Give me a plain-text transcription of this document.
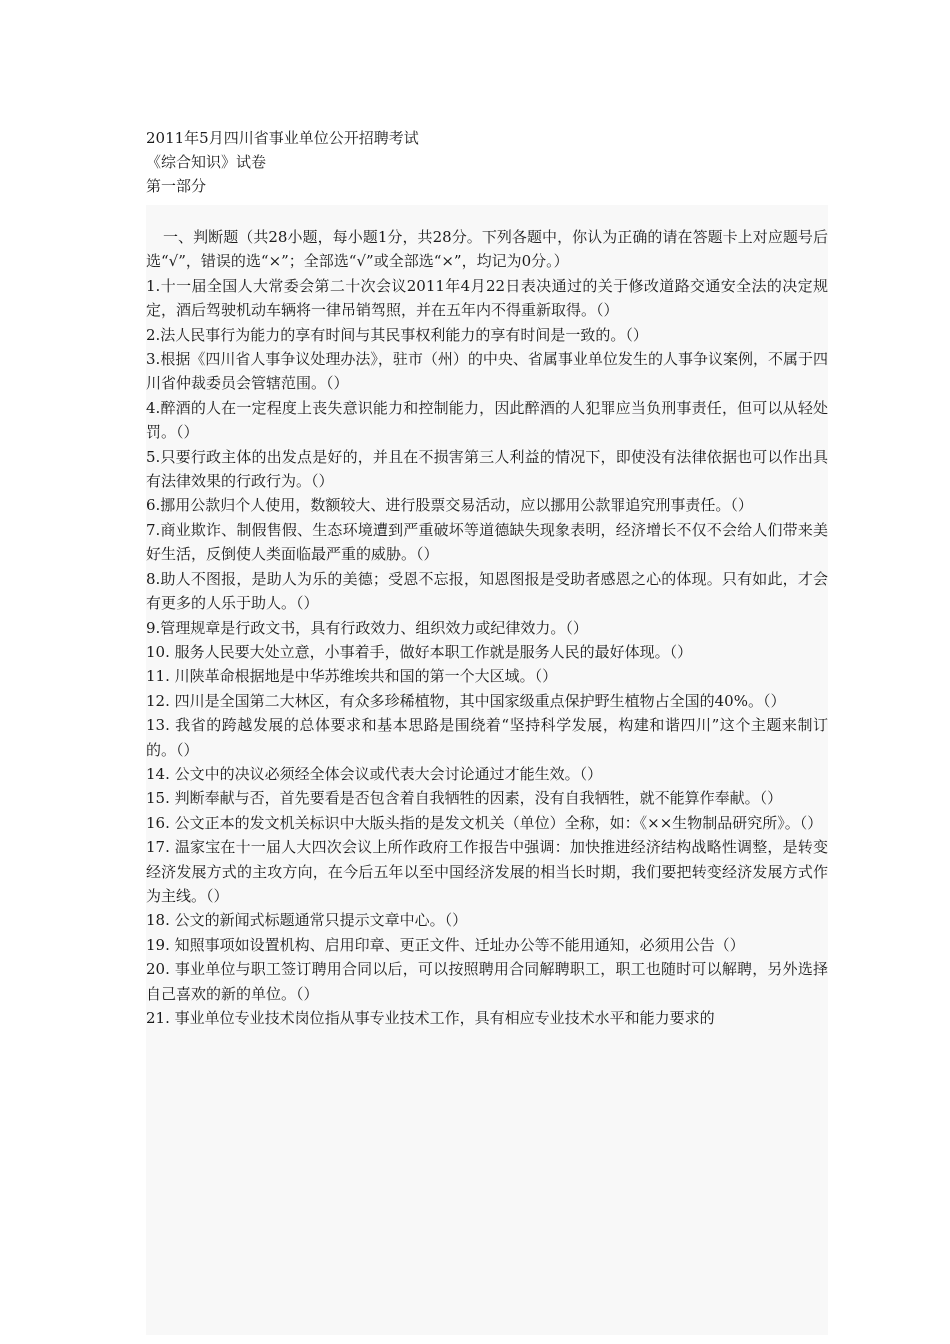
2011年5月四川省事业单位公开招聘考试
《综合知识》试卷
第一部分
一、判断题（共28小题，每小题1分，共28分。下列各题中，你认为正确的请在答题卡上对应题号后选“√”，错误的选“×”；全部选“√”或全部选“×”，均记为0分。）
1.十一届全国人大常委会第二十次会议2011年4月22日表决通过的关于修改道路交通安全法的决定规定，酒后驾驶机动车辆将一律吊销驾照，并在五年内不得重新取得。（）
2.法人民事行为能力的享有时间与其民事权利能力的享有时间是一致的。（）
3.根据《四川省人事争议处理办法》，驻市（州）的中央、省属事业单位发生的人事争议案例，不属于四川省仲裁委员会管辖范围。（）
4.醉酒的人在一定程度上丧失意识能力和控制能力，因此醉酒的人犯罪应当负刑事责任，但可以从轻处罚。（）
5.只要行政主体的出发点是好的，并且在不损害第三人利益的情况下，即使没有法律依据也可以作出具有法律效果的行政行为。（）
6.挪用公款归个人使用，数额较大、进行股票交易活动，应以挪用公款罪追究刑事责任。（）
7.商业欺诈、制假售假、生态环境遭到严重破坏等道德缺失现象表明，经济增长不仅不会给人们带来美好生活，反倒使人类面临最严重的威胁。（）
8.助人不图报，是助人为乐的美德；受恩不忘报，知恩图报是受助者感恩之心的体现。只有如此，才会有更多的人乐于助人。（）
9.管理规章是行政文书，具有行政效力、组织效力或纪律效力。（）
10. 服务人民要大处立意，小事着手，做好本职工作就是服务人民的最好体现。（）
11. 川陕革命根据地是中华苏维埃共和国的第一个大区域。（）
12. 四川是全国第二大林区，有众多珍稀植物，其中国家级重点保护野生植物占全国的40%。（）
13. 我省的跨越发展的总体要求和基本思路是围绕着“坚持科学发展，构建和谐四川”这个主题来制订的。（）
14. 公文中的决议必须经全体会议或代表大会讨论通过才能生效。（）
15. 判断奉献与否，首先要看是否包含着自我牺牲的因素，没有自我牺牲，就不能算作奉献。（）
16. 公文正本的发文机关标识中大版头指的是发文机关（单位）全称，如：《××生物制品研究所》。（）
17. 温家宝在十一届人大四次会议上所作政府工作报告中强调：加快推进经济结构战略性调整，是转变经济发展方式的主攻方向，在今后五年以至中国经济发展的相当长时期，我们要把转变经济发展方式作为主线。（）
18. 公文的新闻式标题通常只提示文章中心。（）
19. 知照事项如设置机构、启用印章、更正文件、迁址办公等不能用通知，必须用公告（）
20. 事业单位与职工签订聘用合同以后，可以按照聘用合同解聘职工，职工也随时可以解聘，另外选择自己喜欢的新的单位。（）
21. 事业单位专业技术岗位指从事专业技术工作，具有相应专业技术水平和能力要求的
